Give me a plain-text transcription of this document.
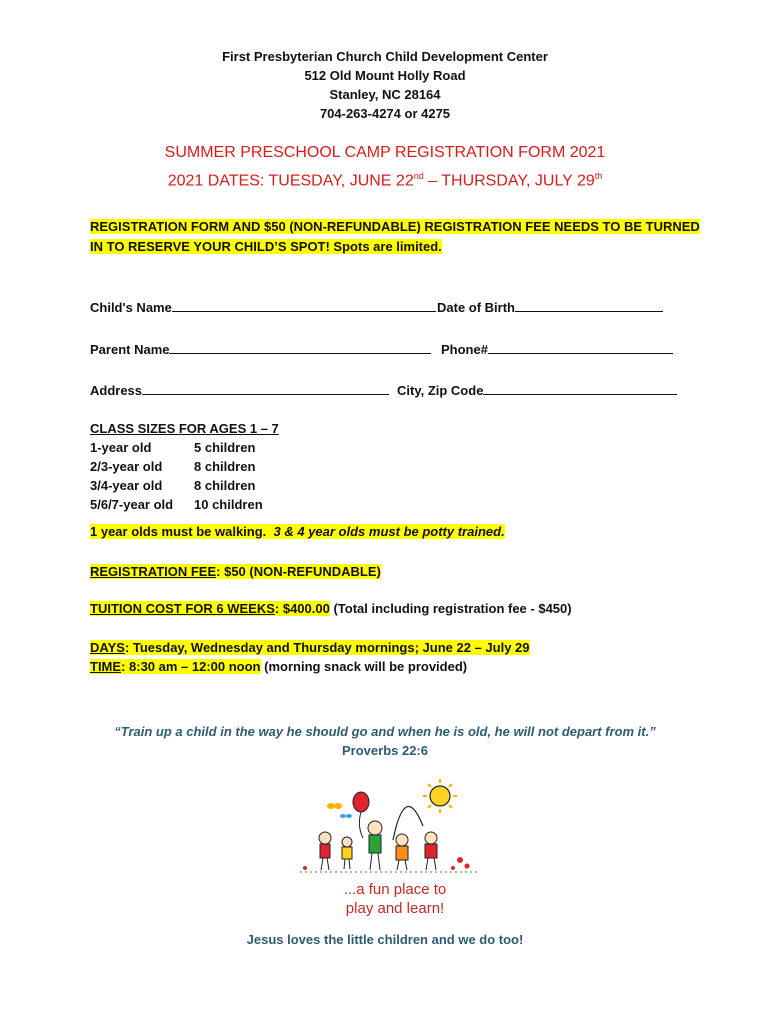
First Presbyterian Church Child Development Center
512 Old Mount Holly Road
Stanley, NC 28164
704-263-4274 or 4275
SUMMER PRESCHOOL CAMP REGISTRATION FORM 2021
2021 DATES: TUESDAY, JUNE 22nd – THURSDAY, JULY 29th
REGISTRATION FORM AND $50 (NON-REFUNDABLE) REGISTRATION FEE NEEDS TO BE TURNED
IN TO RESERVE YOUR CHILD’S SPOT! Spots are limited.
Child's Name	Date of Birth
Parent Name	Phone#
Address	City, Zip Code
CLASS SIZES FOR AGES 1 – 7
1-year old	5 children
2/3-year old	8 children
3/4-year old	8 children
5/6/7-year old	10 children
1 year olds must be walking. 3 & 4 year olds must be potty trained.
REGISTRATION FEE: $50 (NON-REFUNDABLE)
TUITION COST FOR 6 WEEKS: $400.00 (Total including registration fee - $450)
DAYS: Tuesday, Wednesday and Thursday mornings; June 22 – July 29
TIME: 8:30 am – 12:00 noon (morning snack will be provided)
“Train up a child in the way he should go and when he is old, he will not depart from it.”
Proverbs 22:6
...a fun place to
play and learn!
Jesus loves the little children and we do too!
